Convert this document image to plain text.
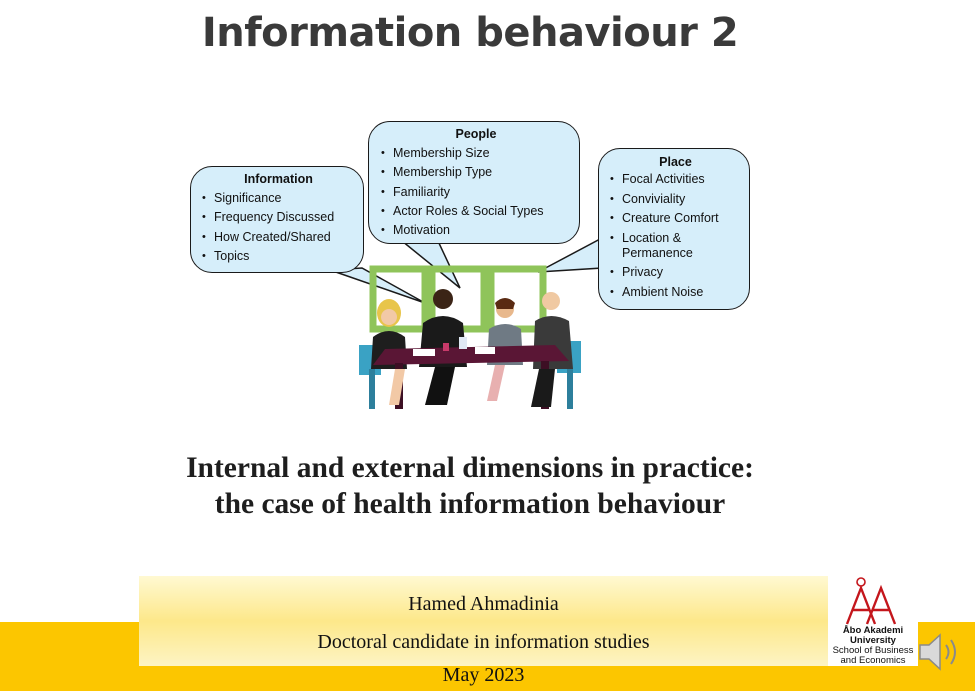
Information behaviour 2
Information
• Significance
• Frequency Discussed
• How Created/Shared
• Topics
People
• Membership Size
• Membership Type
• Familiarity
• Actor Roles & Social Types
• Motivation
Place
• Focal Activities
• Conviviality
• Creature Comfort
• Location & Permanence
• Privacy
• Ambient Noise
Internal and external dimensions in practice:
the case of health information behaviour
Hamed Ahmadinia
Doctoral candidate in information studies
May 2023
Åbo Akademi
University
School of Business
and Economics
